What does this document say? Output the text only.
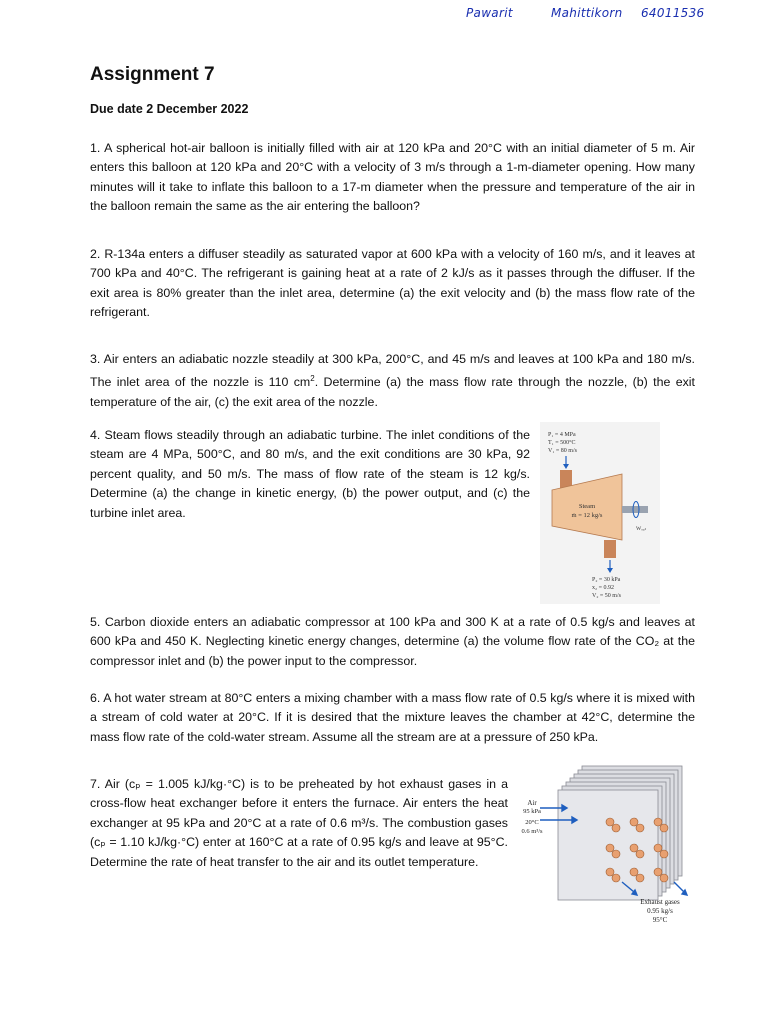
Pawarit	Mahittikorn 64011536
Assignment 7
Due date 2 December 2022

1. A spherical hot-air balloon is initially filled with air at 120 kPa and 20°C with an initial diameter of 5 m. Air enters this balloon at 120 kPa and 20°C with a velocity of 3 m/s through a 1-m-diameter opening. How many minutes will it take to inflate this balloon to a 17-m diameter when the pressure and temperature of the air in the balloon remain the same as the air entering the balloon?

2. R-134a enters a diffuser steadily as saturated vapor at 600 kPa with a velocity of 160 m/s, and it leaves at 700 kPa and 40°C. The refrigerant is gaining heat at a rate of 2 kJ/s as it passes through the diffuser. If the exit area is 80% greater than the inlet area, determine (a) the exit velocity and (b) the mass flow rate of the refrigerant.

3. Air enters an adiabatic nozzle steadily at 300 kPa, 200°C, and 45 m/s and leaves at 100 kPa and 180 m/s. The inlet area of the nozzle is 110 $cm^2$. Determine (a) the mass flow rate through the nozzle, (b) the exit temperature of the air, (c) the exit area of the nozzle.

4. Steam flows steadily through an adiabatic turbine. The inlet conditions of the steam are 4 MPa, 500°C, and 80 m/s, and the exit conditions are 30 kPa, 92 percent quality, and 50 m/s. The mass of flow rate of the steam is 12 kg/s. Determine (a) the change in kinetic energy, (b) the power output, and (c) the turbine inlet area.

5. Carbon dioxide enters an adiabatic compressor at 100 kPa and 300 K at a rate of 0.5 kg/s and leaves at 600 kPa and 450 K. Neglecting kinetic energy changes, determine (a) the volume flow rate of the CO₂ at the compressor inlet and (b) the power input to the compressor.

6. A hot water stream at 80°C enters a mixing chamber with a mass flow rate of 0.5 kg/s where it is mixed with a stream of cold water at 20°C. If it is desired that the mixture leaves the chamber at 42°C, determine the mass flow rate of the cold-water stream. Assume all the stream are at a pressure of 250 kPa.

7. Air (cₚ = 1.005 kJ/kg·°C) is to be preheated by hot exhaust gases in a cross-flow heat exchanger before it enters the furnace. Air enters the heat exchanger at 95 kPa and 20°C at a rate of 0.6 m³/s. The combustion gases (cₚ = 1.10 kJ/kg·°C) enter at 160°C at a rate of 0.95 kg/s and leave at 95°C. Determine the rate of heat transfer to the air and its outlet temperature.

P₁ = 4 MPa
T₁ = 500°C
V₁ = 80 m/s
Steam
ṁ = 12 kg/s
Wₒᵤₜ
P₂ = 30 kPa
x₂ = 0.92
V₂ = 50 m/s
Air
95 kPa
20°C
0.6 m³/s
Exhaust gases
0.95 kg/s
95°C
